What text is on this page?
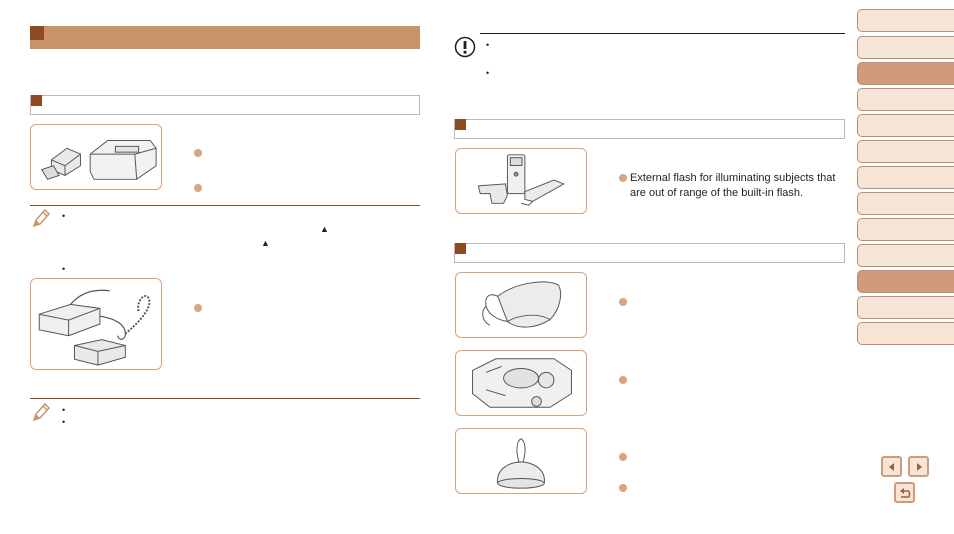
•
▲
▲
•
•
•
•
•
External flash for illuminating subjects that are out of range of the built-in flash.
